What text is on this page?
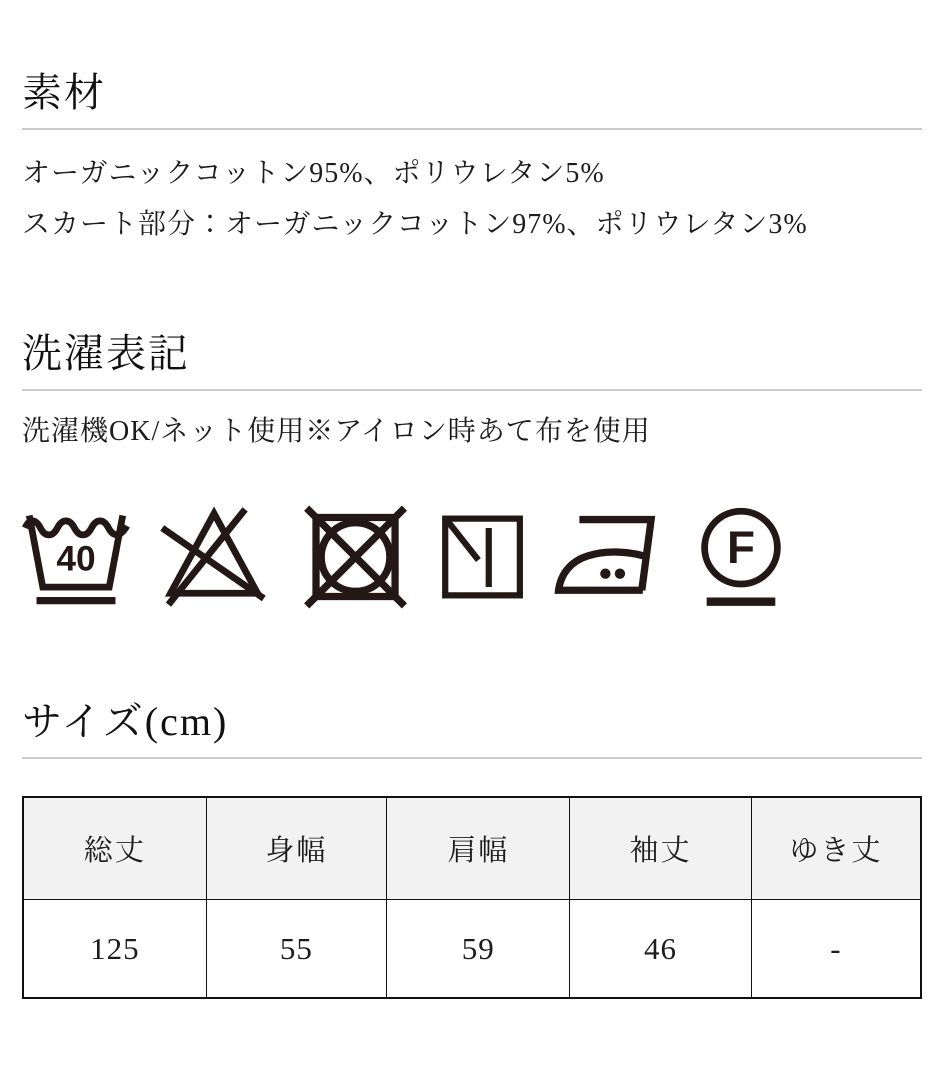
素材

オーガニックコットン95%、ポリウレタン5%

スカート部分：オーガニックコットン97%、ポリウレタン3%

洗濯表記

洗濯機OK/ネット使用※アイロン時あて布を使用

40	F
サイズ(cm)
総丈	身幅	肩幅	袖丈	ゆき丈
125	55	59	46	-
